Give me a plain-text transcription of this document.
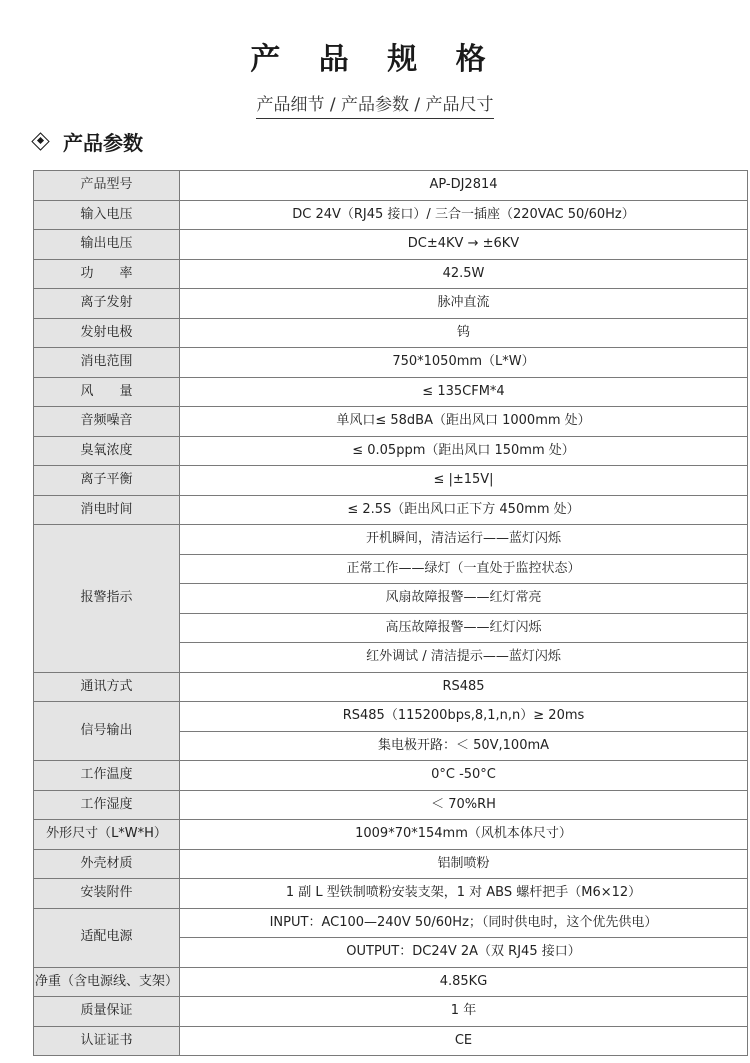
产 品 规 格
产品细节 / 产品参数 / 产品尺寸
产品参数
产品型号	AP-DJ2814
输入电压	DC 24V（RJ45 接口）/ 三合一插座（220VAC 50/60Hz）
输出电压	DC±4KV → ±6KV
功　　率	42.5W
离子发射	脉冲直流
发射电极	钨
消电范围	750*1050mm（L*W）
风　　量	≤ 135CFM*4
音频噪音	单风口≤ 58dBA（距出风口 1000mm 处）
臭氧浓度	≤ 0.05ppm（距出风口 150mm 处）
离子平衡	≤ |±15V|
消电时间	≤ 2.5S（距出风口正下方 450mm 处）
报警指示	开机瞬间，清洁运行——蓝灯闪烁
	正常工作——绿灯（一直处于监控状态）
	风扇故障报警——红灯常亮
	高压故障报警——红灯闪烁
	红外调试 / 清洁提示——蓝灯闪烁
通讯方式	RS485
信号输出	RS485（115200bps,8,1,n,n）≥ 20ms
	集电极开路：＜ 50V,100mA
工作温度	0°C -50°C
工作湿度	＜ 70%RH
外形尺寸（L*W*H）	1009*70*154mm（风机本体尺寸）
外壳材质	铝制喷粉
安装附件	1 副 L 型铁制喷粉安装支架，1 对 ABS 螺杆把手（M6×12）
适配电源	INPUT：AC100—240V 50/60Hz；（同时供电时，这个优先供电）
	OUTPUT：DC24V 2A（双 RJ45 接口）
净重（含电源线、支架）	4.85KG
质量保证	1 年
认证证书	CE
